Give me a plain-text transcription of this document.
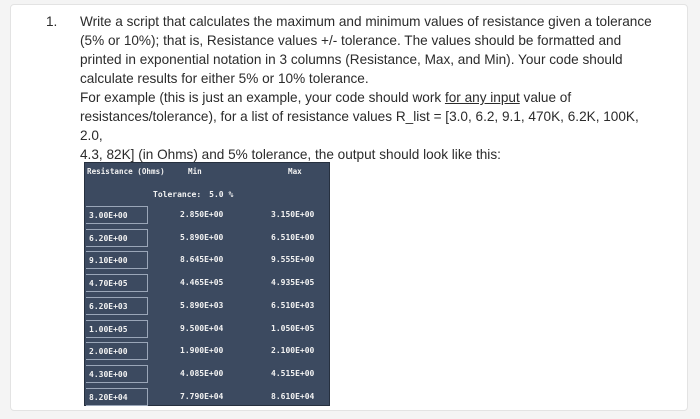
1. Write a script that calculates the maximum and minimum values of resistance given a tolerance

(5% or 10%); that is, Resistance values +/- tolerance. The values should be formatted and

printed in exponential notation in 3 columns (Resistance, Max, and Min). Your code should

calculate results for either 5% or 10% tolerance.

For example (this is just an example, your code should work for any input value of

resistances/tolerance), for a list of resistance values R_list = [3.0, 6.2, 9.1, 470K, 6.2K, 100K, 2.0,

4.3, 82K] (in Ohms) and 5% tolerance, the output should look like this:

Resistance (Ohms)	Min	Max
Tolerance: 5.0 %
3.00E+00	2.850E+00	3.150E+00
6.20E+00	5.890E+00	6.510E+00
9.10E+00	8.645E+00	9.555E+00
4.70E+05	4.465E+05	4.935E+05
6.20E+03	5.890E+03	6.510E+03
1.00E+05	9.500E+04	1.050E+05
2.00E+00	1.900E+00	2.100E+00
4.30E+00	4.085E+00	4.515E+00
8.20E+04	7.790E+04	8.610E+04
